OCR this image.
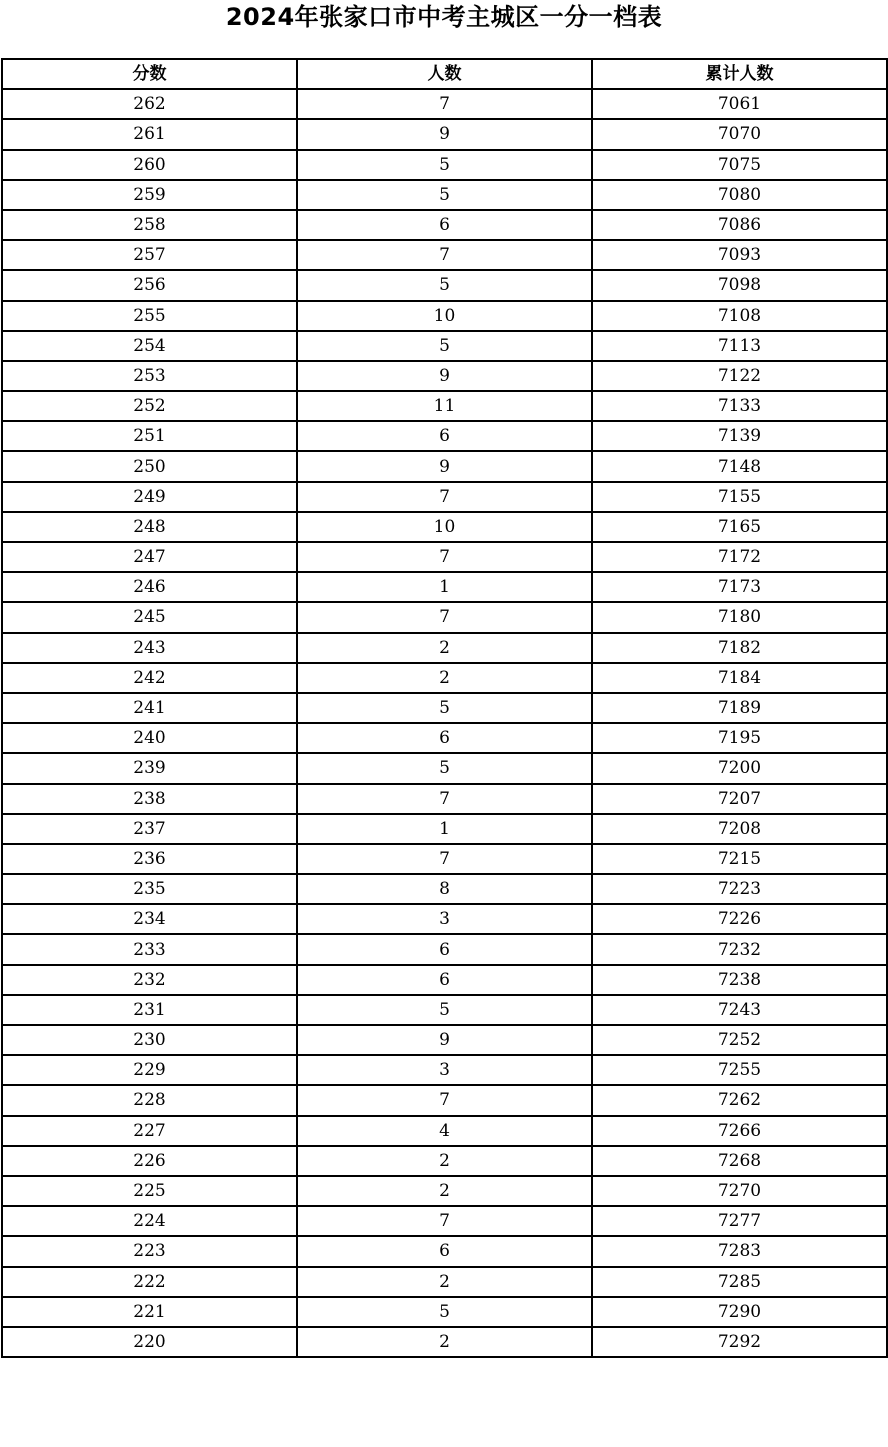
2024年张家口市中考主城区一分一档表
分数	人数	累计人数
262	7	7061
261	9	7070
260	5	7075
259	5	7080
258	6	7086
257	7	7093
256	5	7098
255	10	7108
254	5	7113
253	9	7122
252	11	7133
251	6	7139
250	9	7148
249	7	7155
248	10	7165
247	7	7172
246	1	7173
245	7	7180
243	2	7182
242	2	7184
241	5	7189
240	6	7195
239	5	7200
238	7	7207
237	1	7208
236	7	7215
235	8	7223
234	3	7226
233	6	7232
232	6	7238
231	5	7243
230	9	7252
229	3	7255
228	7	7262
227	4	7266
226	2	7268
225	2	7270
224	7	7277
223	6	7283
222	2	7285
221	5	7290
220	2	7292
